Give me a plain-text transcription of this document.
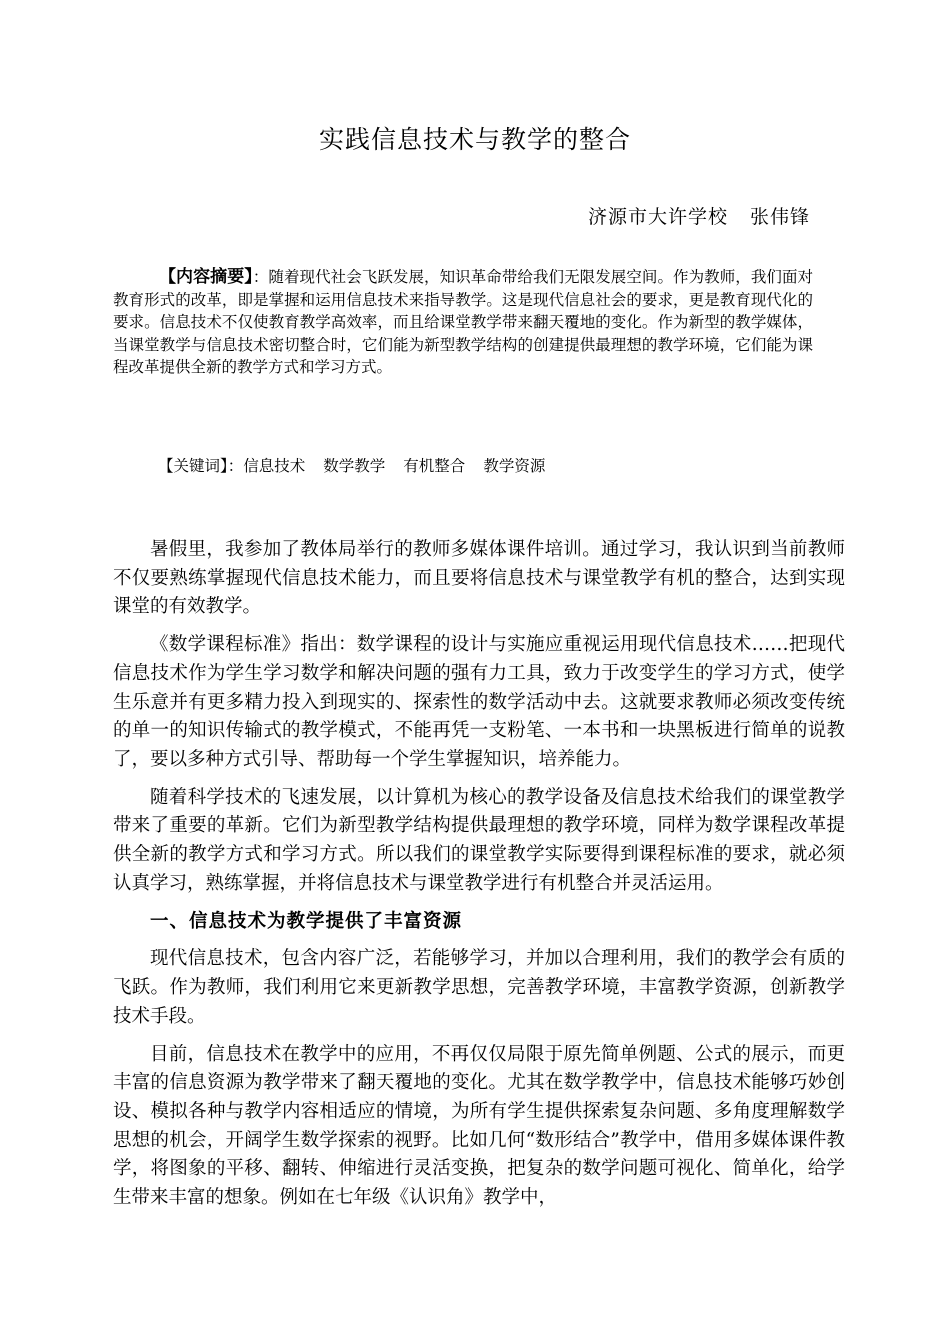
实践信息技术与教学的整合
济源市大许学校 张伟锋
【内容摘要】：随着现代社会飞跃发展，知识革命带给我们无限发展空间。作为教师，我们面对教育形式的改革，即是掌握和运用信息技术来指导教学。这是现代信息社会的要求，更是教育现代化的要求。信息技术不仅使教育教学高效率，而且给课堂教学带来翻天覆地的变化。作为新型的教学媒体，当课堂教学与信息技术密切整合时，它们能为新型教学结构的创建提供最理想的教学环境，它们能为课程改革提供全新的教学方式和学习方式。
【关键词】：信息技术 数学教学 有机整合 教学资源

暑假里，我参加了教体局举行的教师多媒体课件培训。通过学习，我认识到当前教师不仅要熟练掌握现代信息技术能力，而且要将信息技术与课堂教学有机的整合，达到实现课堂的有效教学。

《数学课程标准》指出：数学课程的设计与实施应重视运用现代信息技术……把现代信息技术作为学生学习数学和解决问题的强有力工具，致力于改变学生的学习方式，使学生乐意并有更多精力投入到现实的、探索性的数学活动中去。这就要求教师必须改变传统的单一的知识传输式的教学模式，不能再凭一支粉笔、一本书和一块黑板进行简单的说教了，要以多种方式引导、帮助每一个学生掌握知识，培养能力。

随着科学技术的飞速发展，以计算机为核心的教学设备及信息技术给我们的课堂教学带来了重要的革新。它们为新型教学结构提供最理想的教学环境，同样为数学课程改革提供全新的教学方式和学习方式。所以我们的课堂教学实际要得到课程标准的要求，就必须认真学习，熟练掌握，并将信息技术与课堂教学进行有机整合并灵活运用。

一、信息技术为教学提供了丰富资源

现代信息技术，包含内容广泛，若能够学习，并加以合理利用，我们的教学会有质的飞跃。作为教师，我们利用它来更新教学思想，完善教学环境，丰富教学资源，创新教学技术手段。

目前，信息技术在教学中的应用，不再仅仅局限于原先简单例题、公式的展示，而更丰富的信息资源为教学带来了翻天覆地的变化。尤其在数学教学中，信息技术能够巧妙创设、模拟各种与教学内容相适应的情境，为所有学生提供探索复杂问题、多角度理解数学思想的机会，开阔学生数学探索的视野。比如几何“数形结合”教学中，借用多媒体课件教学，将图象的平移、翻转、伸缩进行灵活变换，把复杂的数学问题可视化、简单化，给学生带来丰富的想象。例如在七年级《认识角》教学中，
